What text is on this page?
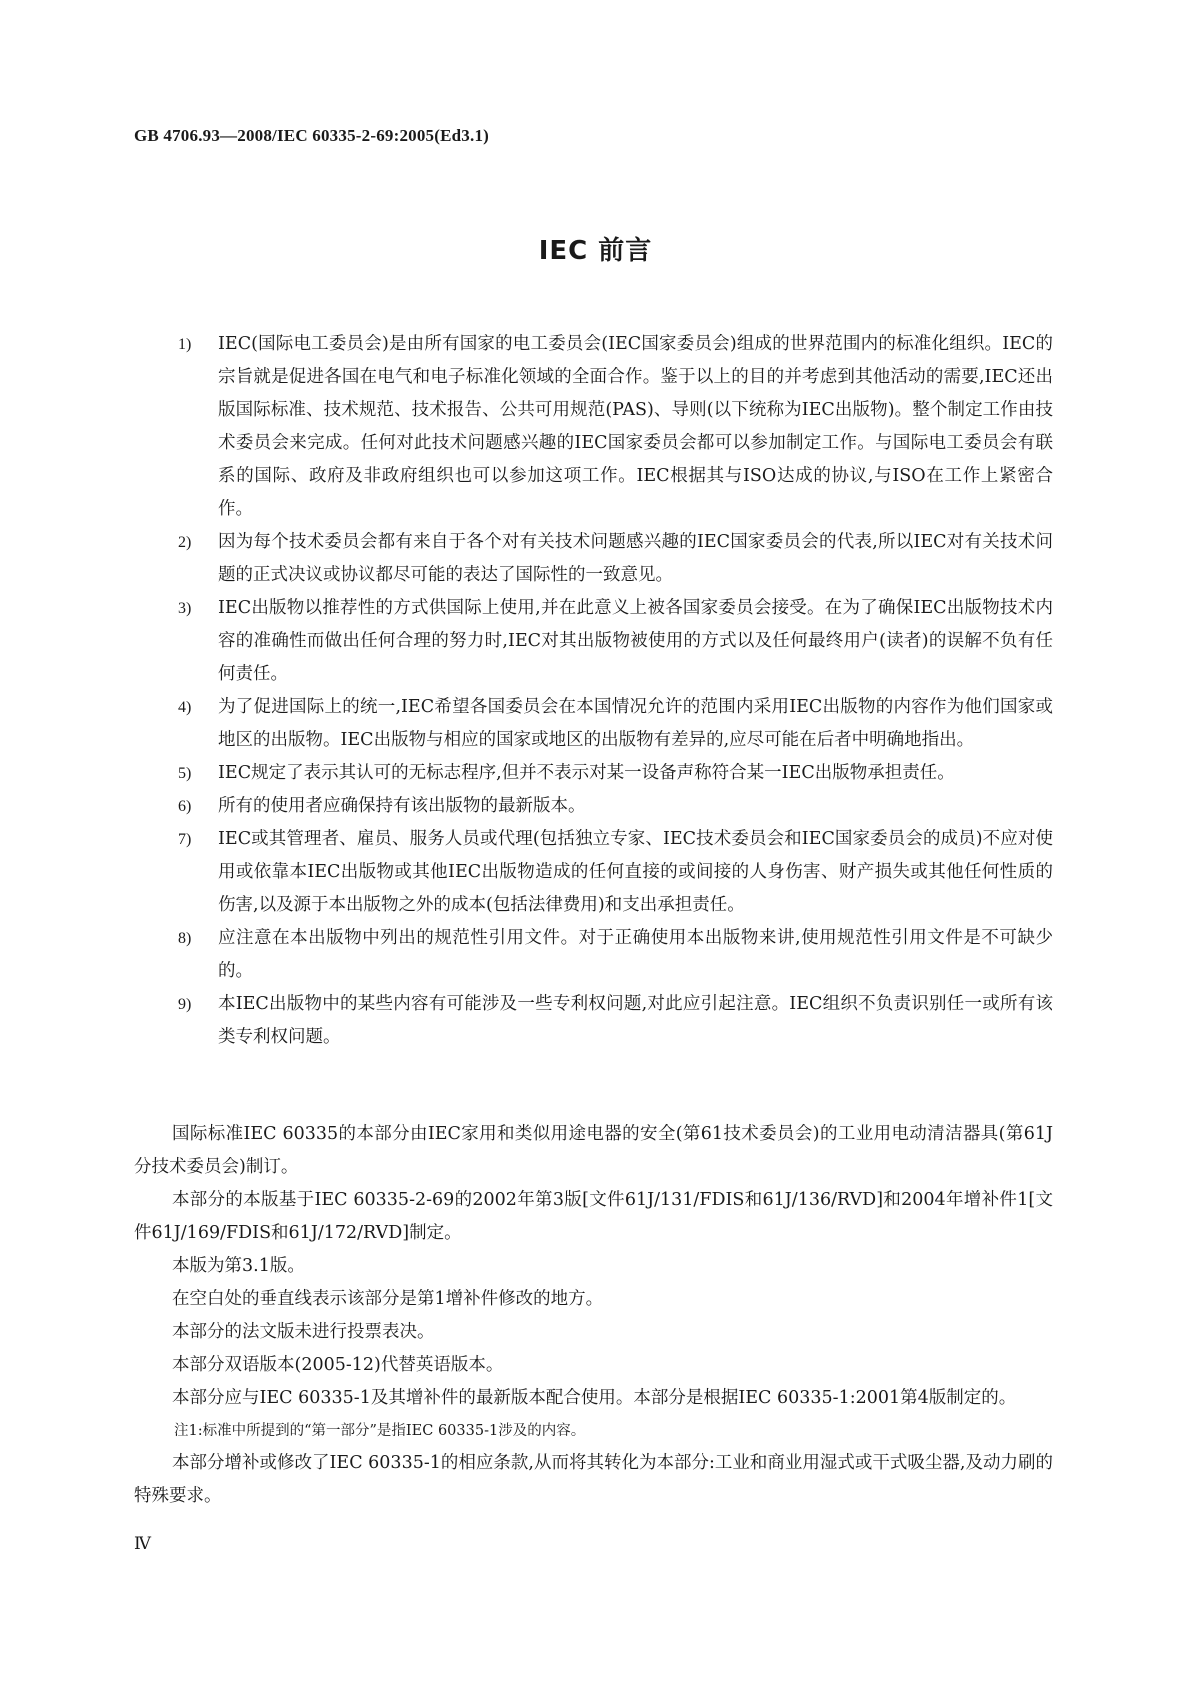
GB 4706.93—2008/IEC 60335-2-69:2005(Ed3.1)
IEC 前言
1) IEC(国际电工委员会)是由所有国家的电工委员会(IEC国家委员会)组成的世界范围内的标准化组织。IEC的宗旨就是促进各国在电气和电子标准化领域的全面合作。鉴于以上的目的并考虑到其他活动的需要,IEC还出版国际标准、技术规范、技术报告、公共可用规范(PAS)、导则(以下统称为IEC出版物)。整个制定工作由技术委员会来完成。任何对此技术问题感兴趣的IEC国家委员会都可以参加制定工作。与国际电工委员会有联系的国际、政府及非政府组织也可以参加这项工作。IEC根据其与ISO达成的协议,与ISO在工作上紧密合作。
2) 因为每个技术委员会都有来自于各个对有关技术问题感兴趣的IEC国家委员会的代表,所以IEC对有关技术问题的正式决议或协议都尽可能的表达了国际性的一致意见。
3) IEC出版物以推荐性的方式供国际上使用,并在此意义上被各国家委员会接受。在为了确保IEC出版物技术内容的准确性而做出任何合理的努力时,IEC对其出版物被使用的方式以及任何最终用户(读者)的误解不负有任何责任。
4) 为了促进国际上的统一,IEC希望各国委员会在本国情况允许的范围内采用IEC出版物的内容作为他们国家或地区的出版物。IEC出版物与相应的国家或地区的出版物有差异的,应尽可能在后者中明确地指出。
5) IEC规定了表示其认可的无标志程序,但并不表示对某一设备声称符合某一IEC出版物承担责任。
6) 所有的使用者应确保持有该出版物的最新版本。
7) IEC或其管理者、雇员、服务人员或代理(包括独立专家、IEC技术委员会和IEC国家委员会的成员)不应对使用或依靠本IEC出版物或其他IEC出版物造成的任何直接的或间接的人身伤害、财产损失或其他任何性质的伤害,以及源于本出版物之外的成本(包括法律费用)和支出承担责任。
8) 应注意在本出版物中列出的规范性引用文件。对于正确使用本出版物来讲,使用规范性引用文件是不可缺少的。
9) 本IEC出版物中的某些内容有可能涉及一些专利权问题,对此应引起注意。IEC组织不负责识别任一或所有该类专利权问题。

国际标准IEC 60335的本部分由IEC家用和类似用途电器的安全(第61技术委员会)的工业用电动清洁器具(第61J分技术委员会)制订。

本部分的本版基于IEC 60335-2-69的2002年第3版[文件61J/131/FDIS和61J/136/RVD]和2004年增补件1[文件61J/169/FDIS和61J/172/RVD]制定。

本版为第3.1版。

在空白处的垂直线表示该部分是第1增补件修改的地方。

本部分的法文版未进行投票表决。

本部分双语版本(2005-12)代替英语版本。

本部分应与IEC 60335-1及其增补件的最新版本配合使用。本部分是根据IEC 60335-1:2001第4版制定的。

注1:标准中所提到的“第一部分”是指IEC 60335-1涉及的内容。

本部分增补或修改了IEC 60335-1的相应条款,从而将其转化为本部分:工业和商业用湿式或干式吸尘器,及动力刷的特殊要求。

Ⅳ
